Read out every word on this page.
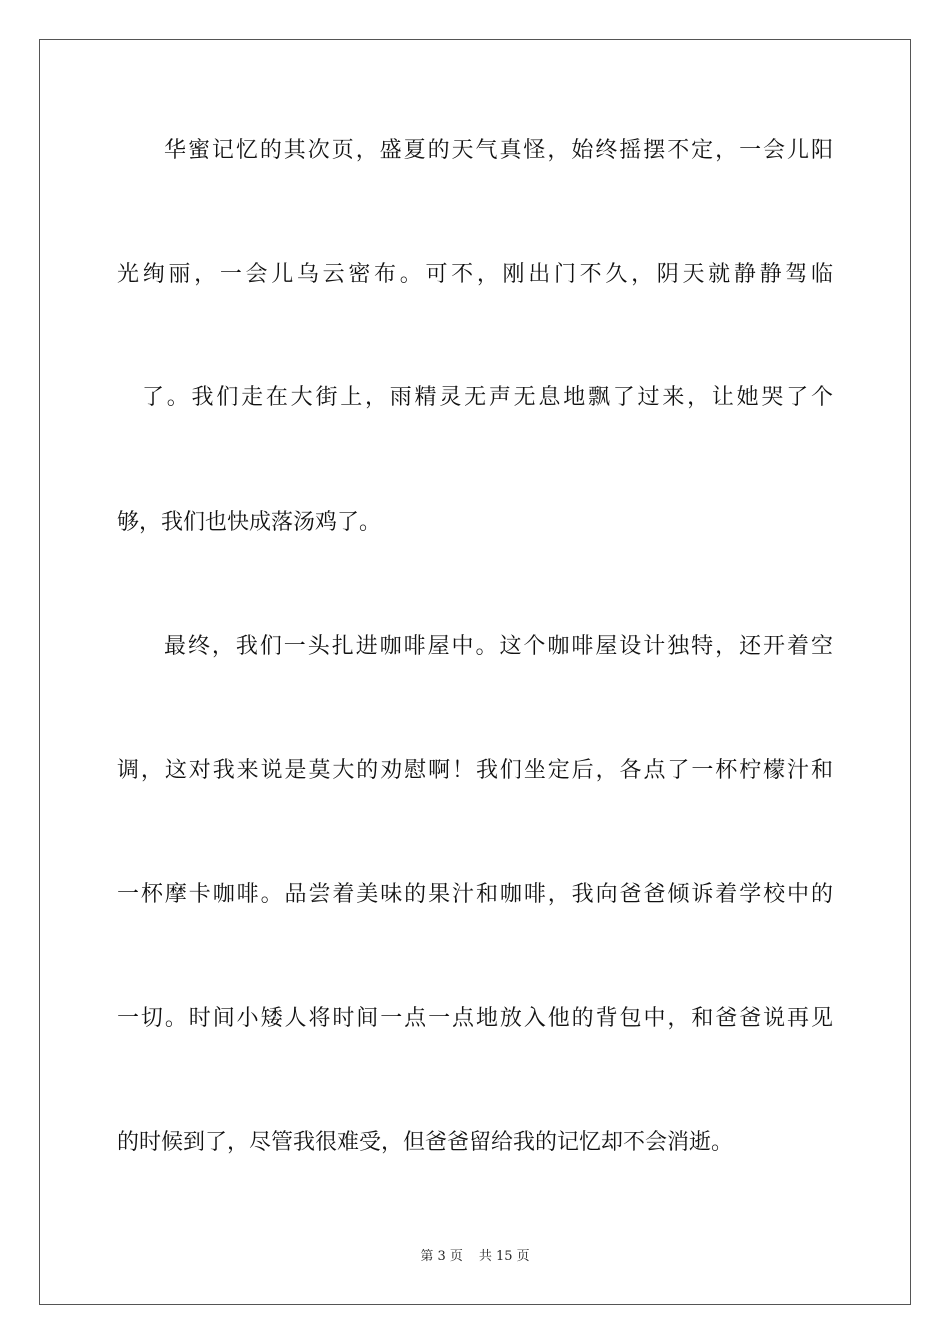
华蜜记忆的其次页，盛夏的天气真怪，始终摇摆不定，一会儿阳
光绚丽，一会儿乌云密布。可不，刚出门不久，阴天就静静驾临
了。我们走在大街上，雨精灵无声无息地飘了过来，让她哭了个
够，我们也快成落汤鸡了。
最终，我们一头扎进咖啡屋中。这个咖啡屋设计独特，还开着空
调，这对我来说是莫大的劝慰啊！我们坐定后，各点了一杯柠檬汁和
一杯摩卡咖啡。品尝着美味的果汁和咖啡，我向爸爸倾诉着学校中的
一切。时间小矮人将时间一点一点地放入他的背包中，和爸爸说再见
的时候到了，尽管我很难受，但爸爸留给我的记忆却不会消逝。
第 3 页 共 15 页
